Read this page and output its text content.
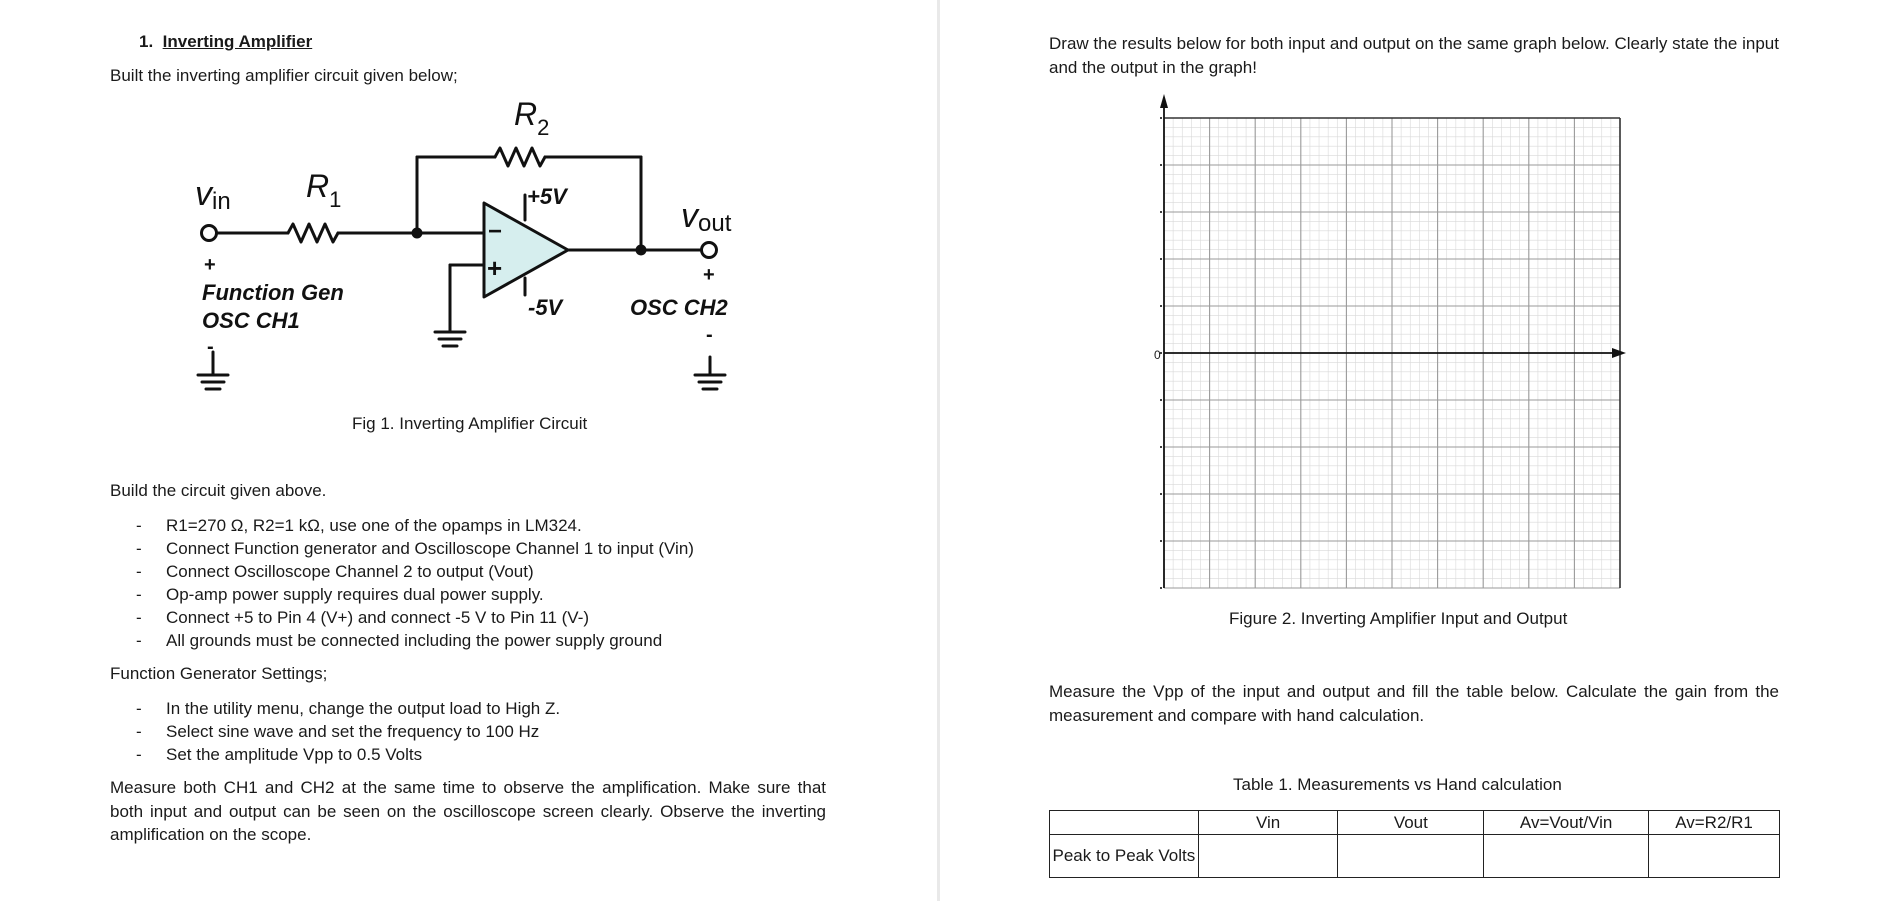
1. Inverting Amplifier
Built the inverting amplifier circuit given below;
−
+
$R_2$
$R_1$
vin	vout
+5V
-5V
+
-
+
-
Function Gen
OSC CH1
OSC CH2
Fig 1. Inverting Amplifier Circuit
Build the circuit given above.
- R1=270 Ω, R2=1 kΩ, use one of the opamps in LM324.
- Connect Function generator and Oscilloscope Channel 1 to input (Vin)
- Connect Oscilloscope Channel 2 to output (Vout)
- Op-amp power supply requires dual power supply.
- Connect +5 to Pin 4 (V+) and connect -5 V to Pin 11 (V-)
- All grounds must be connected including the power supply ground
Function Generator Settings;
- In the utility menu, change the output load to High Z.
- Select sine wave and set the frequency to 100 Hz
- Set the amplitude Vpp to 0.5 Volts
Measure both CH1 and CH2 at the same time to observe the amplification. Make sure that both input and output can be seen on the oscilloscope screen clearly. Observe the inverting amplification on the scope.
Draw the results below for both input and output on the same graph below. Clearly state the input and the output in the graph!
0
Figure 2. Inverting Amplifier Input and Output
Measure the Vpp of the input and output and fill the table below. Calculate the gain from the measurement and compare with hand calculation.
Table 1. Measurements vs Hand calculation
	Vin	Vout	Av=Vout/Vin	Av=R2/R1
Peak to Peak Volts				
